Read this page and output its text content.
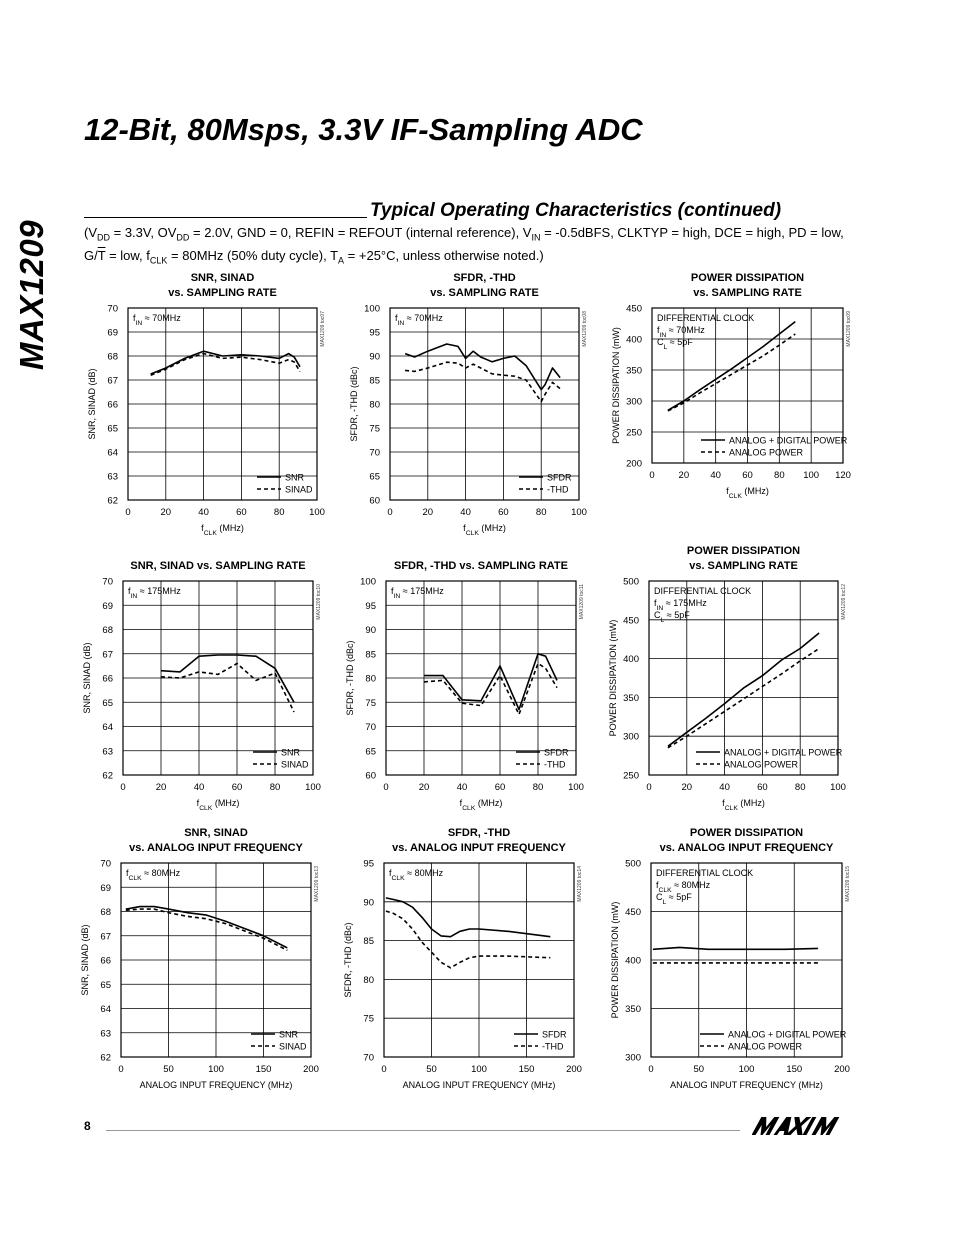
MAX1209
12-Bit, 80Msps, 3.3V IF-Sampling ADC
Typical Operating Characteristics (continued)
($V_{DD} = 3.3V$, $OV_{DD} = 2.0V$, GND = 0, REFIN = REFOUT (internal reference), $V_{IN}$ = -0.5dBFS, CLKTYP = high, DCE = high, PD = low, $G/\overline{T}$ = low, $f_{CLK} = 80MHz$ (50% duty cycle), $T_A = +25^\circ C$, unless otherwise noted.)
SNR, SINAD
vs. SAMPLING RATE
0	20	40	60	80	100
62
63
64
65
66
67
68
69
70
$f_{CLK}$ (MHz)
SNR, SINAD (dB)
$f_{IN} \approx 70MHz$	MAX1209 toc07
SNR
SINAD
SFDR, -THD
vs. SAMPLING RATE
0	20	40	60	80	100
60
65
70
75
80
85
90
95
100
$f_{CLK}$ (MHz)
SFDR, -THD (dBc)
$f_{IN} \approx 70MHz$	MAX1209 toc08
SFDR
-THD
POWER DISSIPATION
vs. SAMPLING RATE
0	20 40 60 80 100 120
200
250
300
350
400
450
$f_{CLK}$ (MHz)
POWER DISSIPATION (mW)
DIFFERENTIAL CLOCK
$f_{IN} \approx 70MHz$
$C_L \approx 5pF$	MAX1209 toc09
ANALOG + DIGITAL POWER
ANALOG POWER
SNR, SINAD vs. SAMPLING RATE
0	20	40	60	80	100
62
63
64
65
66
67
68
69
70
$f_{CLK}$ (MHz)
SNR, SINAD (dB)
$f_{IN} \approx 175MHz$	MAX1209 toc10
SNR
SINAD
SFDR, -THD vs. SAMPLING RATE
0	20	40	60	80	100
60
65
70
75
80
85
90
95
100
$f_{CLK}$ (MHz)
SFDR, -THD (dBc)
$f_{IN} \approx 175MHz$	MAX1209 toc11
SFDR
-THD
POWER DISSIPATION
vs. SAMPLING RATE
0	20	40	60	80	100
250
300
350
400
450
500
$f_{CLK}$ (MHz)
POWER DISSIPATION (mW)
DIFFERENTIAL CLOCK
$f_{IN} \approx 175MHz$
$C_L \approx 5pF$	MAX1209 toc12
ANALOG + DIGITAL POWER
ANALOG POWER
SNR, SINAD
vs. ANALOG INPUT FREQUENCY
0	50	100	150	200
62
63
64
65
66
67
68
69
70
ANALOG INPUT FREQUENCY (MHz)
SNR, SINAD (dB)
$f_{CLK} \approx 80MHz$	MAX1209 toc13
SNR
SINAD
SFDR, -THD
vs. ANALOG INPUT FREQUENCY
0	50	100	150	200
70
75
80
85
90
95
ANALOG INPUT FREQUENCY (MHz)
SFDR, -THD (dBc)
$f_{CLK} \approx 80MHz$	MAX1209 toc14
SFDR
-THD
POWER DISSIPATION
vs. ANALOG INPUT FREQUENCY
0	50	100	150	200
300
350
400
450
500
ANALOG INPUT FREQUENCY (MHz)
POWER DISSIPATION (mW)
DIFFERENTIAL CLOCK
$f_{CLK} \approx 80MHz$
$C_L \approx 5pF$	MAX1209 toc15
ANALOG + DIGITAL POWER
ANALOG POWER
8
